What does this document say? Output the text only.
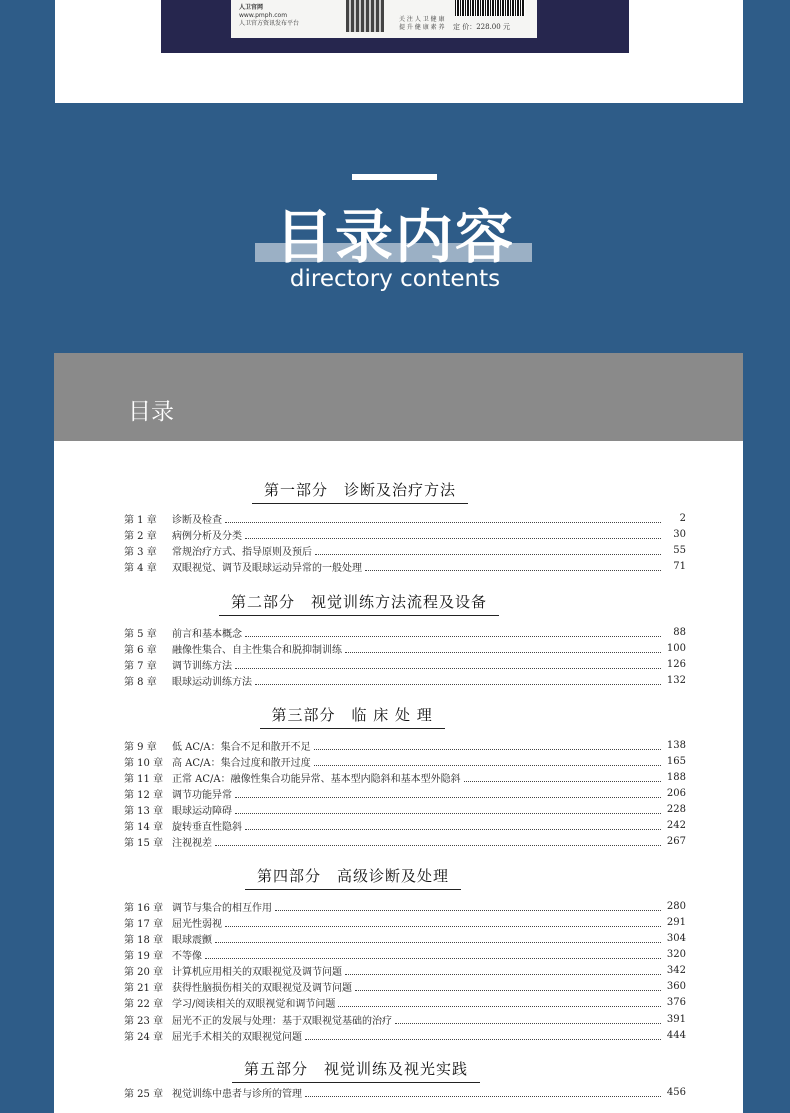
人卫官网
www.pmph.com
人卫官方资讯发布平台
关 注 人 卫 健 康
提 升 健 康 素 养 定 价：228.00 元
目录内容
directory contents
目录
第一部分　诊断及治疗方法
第 1 章	诊断及检查	2
第 2 章	病例分析及分类	30
第 3 章	常规治疗方式、指导原则及预后	55
第 4 章	双眼视觉、调节及眼球运动异常的一般处理	71
第二部分　视觉训练方法流程及设备
第 5 章	前言和基本概念	88
第 6 章	融像性集合、自主性集合和脱抑制训练	100
第 7 章	调节训练方法	126
第 8 章	眼球运动训练方法	132
第三部分　临 床 处 理
第 9 章	低 AC/A：集合不足和散开不足	138
第 10 章 高 AC/A：集合过度和散开过度	165
第 11 章 正常 AC/A：融像性集合功能异常、基本型内隐斜和基本型外隐斜	188
第 12 章 调节功能异常	206
第 13 章 眼球运动障碍	228
第 14 章 旋转垂直性隐斜	242
第 15 章 注视视差	267
第四部分　高级诊断及处理
第 16 章 调节与集合的相互作用	280
第 17 章 屈光性弱视	291
第 18 章 眼球震颤	304
第 19 章 不等像	320
第 20 章 计算机应用相关的双眼视觉及调节问题	342
第 21 章 获得性脑损伤相关的双眼视觉及调节问题	360
第 22 章 学习/阅读相关的双眼视觉和调节问题	376
第 23 章 屈光不正的发展与处理：基于双眼视觉基础的治疗	391
第 24 章 屈光手术相关的双眼视觉问题	444
第五部分　视觉训练及视光实践
第 25 章 视觉训练中患者与诊所的管理	456
